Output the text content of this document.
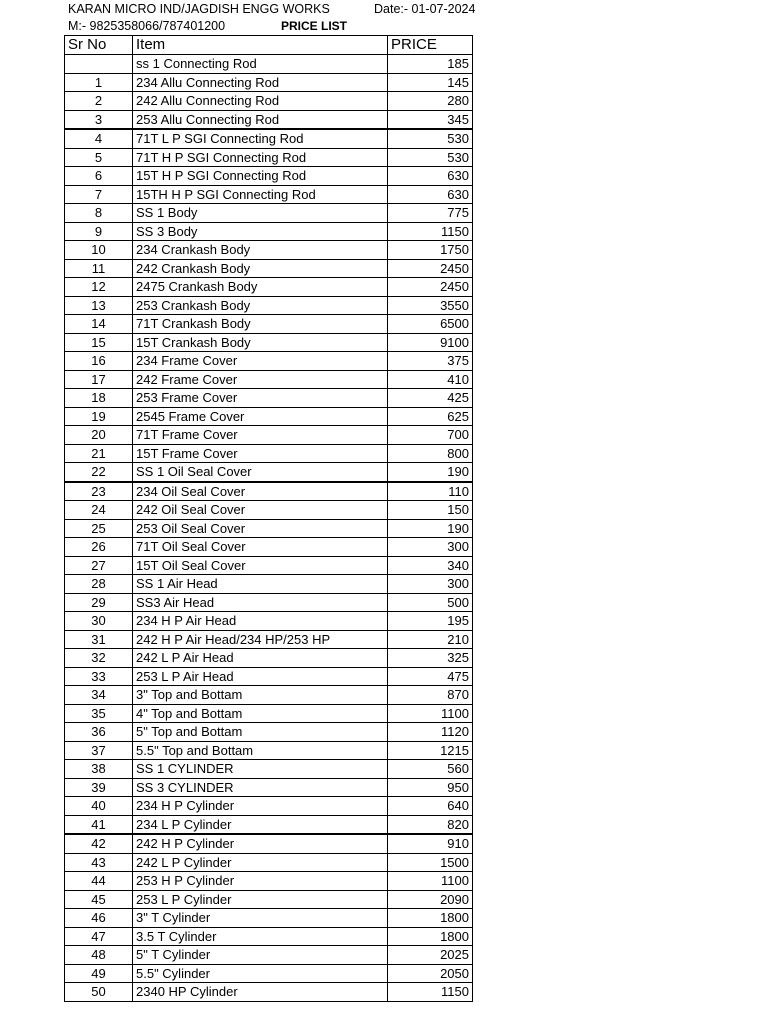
KARAN MICRO IND/JAGDISH ENGG WORKS	Date:- 01-07-2024
M:- 9825358066/787401200	PRICE LIST
Sr No	Item	PRICE
	ss 1 Connecting Rod	185
1	234 Allu Connecting Rod	145
2	242 Allu Connecting Rod	280
3	253 Allu Connecting Rod	345
4	71T L P SGI Connecting Rod	530
5	71T H P SGI Connecting Rod	530
6	15T H P SGI Connecting Rod	630
7	15TH H P SGI Connecting Rod	630
8	SS 1 Body	775
9	SS 3 Body	1150
10	234 Crankash Body	1750
11	242 Crankash Body	2450
12	2475 Crankash Body	2450
13	253 Crankash Body	3550
14	71T Crankash Body	6500
15	15T Crankash Body	9100
16	234 Frame Cover	375
17	242 Frame Cover	410
18	253 Frame Cover	425
19	2545 Frame Cover	625
20	71T Frame Cover	700
21	15T Frame Cover	800
22	SS 1 Oil Seal Cover	190
23	234 Oil Seal Cover	110
24	242 Oil Seal Cover	150
25	253 Oil Seal Cover	190
26	71T Oil Seal Cover	300
27	15T Oil Seal Cover	340
28	SS 1 Air Head	300
29	SS3 Air Head	500
30	234 H P Air Head	195
31	242 H P Air Head/234 HP/253 HP	210
32	242 L P Air Head	325
33	253 L P Air Head	475
34	3" Top and Bottam	870
35	4" Top and Bottam	1100
36	5" Top and Bottam	1120
37	5.5" Top and Bottam	1215
38	SS 1 CYLINDER	560
39	SS 3 CYLINDER	950
40	234 H P Cylinder	640
41	234 L P Cylinder	820
42	242 H P Cylinder	910
43	242 L P Cylinder	1500
44	253 H P Cylinder	1100
45	253 L P Cylinder	2090
46	3" T Cylinder	1800
47	3.5 T Cylinder	1800
48	5" T Cylinder	2025
49	5.5" Cylinder	2050
50	2340 HP Cylinder	1150
